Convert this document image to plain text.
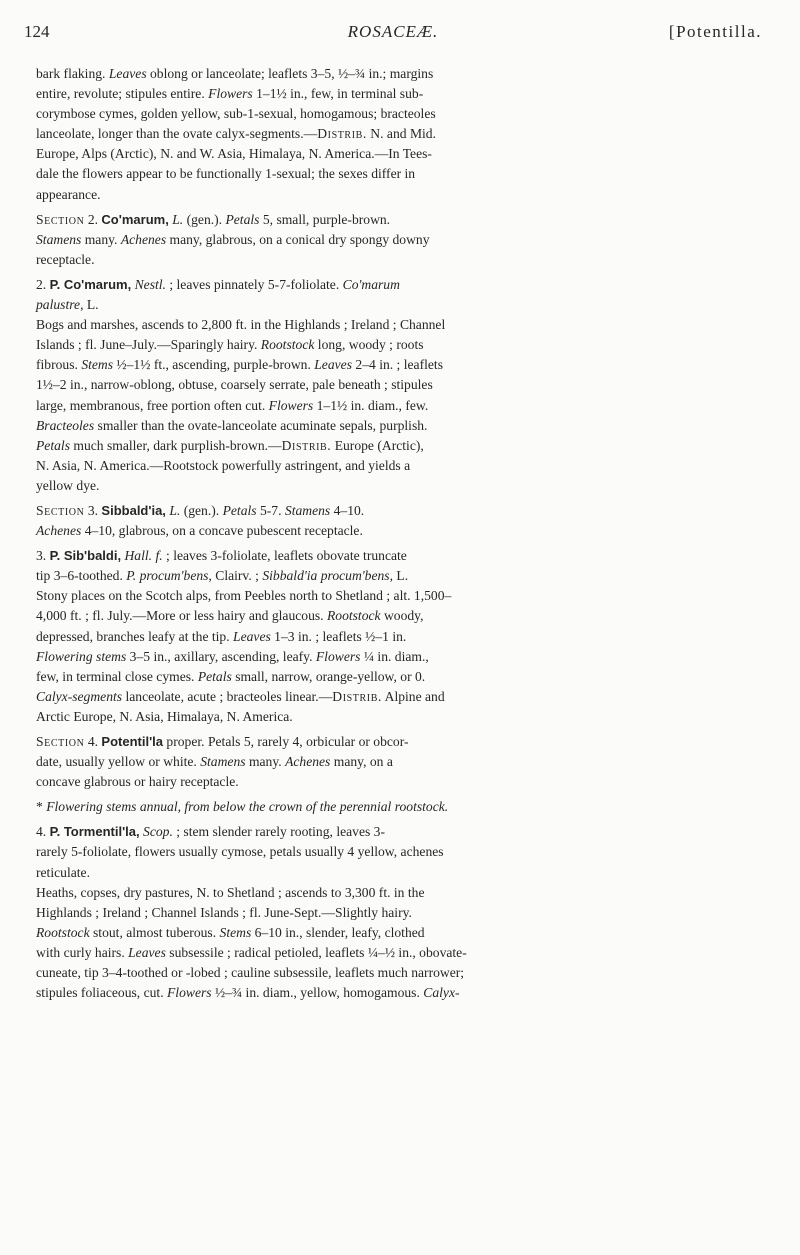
124	ROSACEÆ.	[Potentilla.
bark flaking. Leaves oblong or lanceolate; leaflets 3–5, ½–¾ in.; margins
entire, revolute; stipules entire. Flowers 1–1½ in., few, in terminal sub-
corymbose cymes, golden yellow, sub-1-sexual, homogamous; bracteoles
lanceolate, longer than the ovate calyx-segments.—Distrib. N. and Mid.
Europe, Alps (Arctic), N. and W. Asia, Himalaya, N. America.—In Tees-
dale the flowers appear to be functionally 1-sexual; the sexes differ in
appearance.
Section 2. Co'marum, L. (gen.). Petals 5, small, purple-brown.
Stamens many. Achenes many, glabrous, on a conical dry spongy downy
receptacle.
2. P. Co'marum, Nestl. ; leaves pinnately 5-7-foliolate. Co'marum
palustre, L.
Bogs and marshes, ascends to 2,800 ft. in the Highlands ; Ireland ; Channel
Islands ; fl. June–July.—Sparingly hairy. Rootstock long, woody ; roots
fibrous. Stems ½–1½ ft., ascending, purple-brown. Leaves 2–4 in. ; leaflets
1½–2 in., narrow-oblong, obtuse, coarsely serrate, pale beneath ; stipules
large, membranous, free portion often cut. Flowers 1–1½ in. diam., few.
Bracteoles smaller than the ovate-lanceolate acuminate sepals, purplish.
Petals much smaller, dark purplish-brown.—Distrib. Europe (Arctic),
N. Asia, N. America.—Rootstock powerfully astringent, and yields a
yellow dye.
Section 3. Sibbald'ia, L. (gen.). Petals 5-7. Stamens 4–10.
Achenes 4–10, glabrous, on a concave pubescent receptacle.
3. P. Sib'baldi, Hall. f. ; leaves 3-foliolate, leaflets obovate truncate
tip 3–6-toothed. P. procum'bens, Clairv. ; Sibbald'ia procum'bens, L.
Stony places on the Scotch alps, from Peebles north to Shetland ; alt. 1,500–
4,000 ft. ; fl. July.—More or less hairy and glaucous. Rootstock woody,
depressed, branches leafy at the tip. Leaves 1–3 in. ; leaflets ½–1 in.
Flowering stems 3–5 in., axillary, ascending, leafy. Flowers ¼ in. diam.,
few, in terminal close cymes. Petals small, narrow, orange-yellow, or 0.
Calyx-segments lanceolate, acute ; bracteoles linear.—Distrib. Alpine and
Arctic Europe, N. Asia, Himalaya, N. America.
Section 4. Potentil'la proper. Petals 5, rarely 4, orbicular or obcor-
date, usually yellow or white. Stamens many. Achenes many, on a
concave glabrous or hairy receptacle.
* Flowering stems annual, from below the crown of the perennial rootstock.
4. P. Tormentil'la, Scop. ; stem slender rarely rooting, leaves 3-
rarely 5-foliolate, flowers usually cymose, petals usually 4 yellow, achenes
reticulate.
Heaths, copses, dry pastures, N. to Shetland ; ascends to 3,300 ft. in the
Highlands ; Ireland ; Channel Islands ; fl. June-Sept.—Slightly hairy.
Rootstock stout, almost tuberous. Stems 6–10 in., slender, leafy, clothed
with curly hairs. Leaves subsessile ; radical petioled, leaflets ¼–½ in., obovate-
cuneate, tip 3–4-toothed or -lobed ; cauline subsessile, leaflets much narrower;
stipules foliaceous, cut. Flowers ½–¾ in. diam., yellow, homogamous. Calyx-
